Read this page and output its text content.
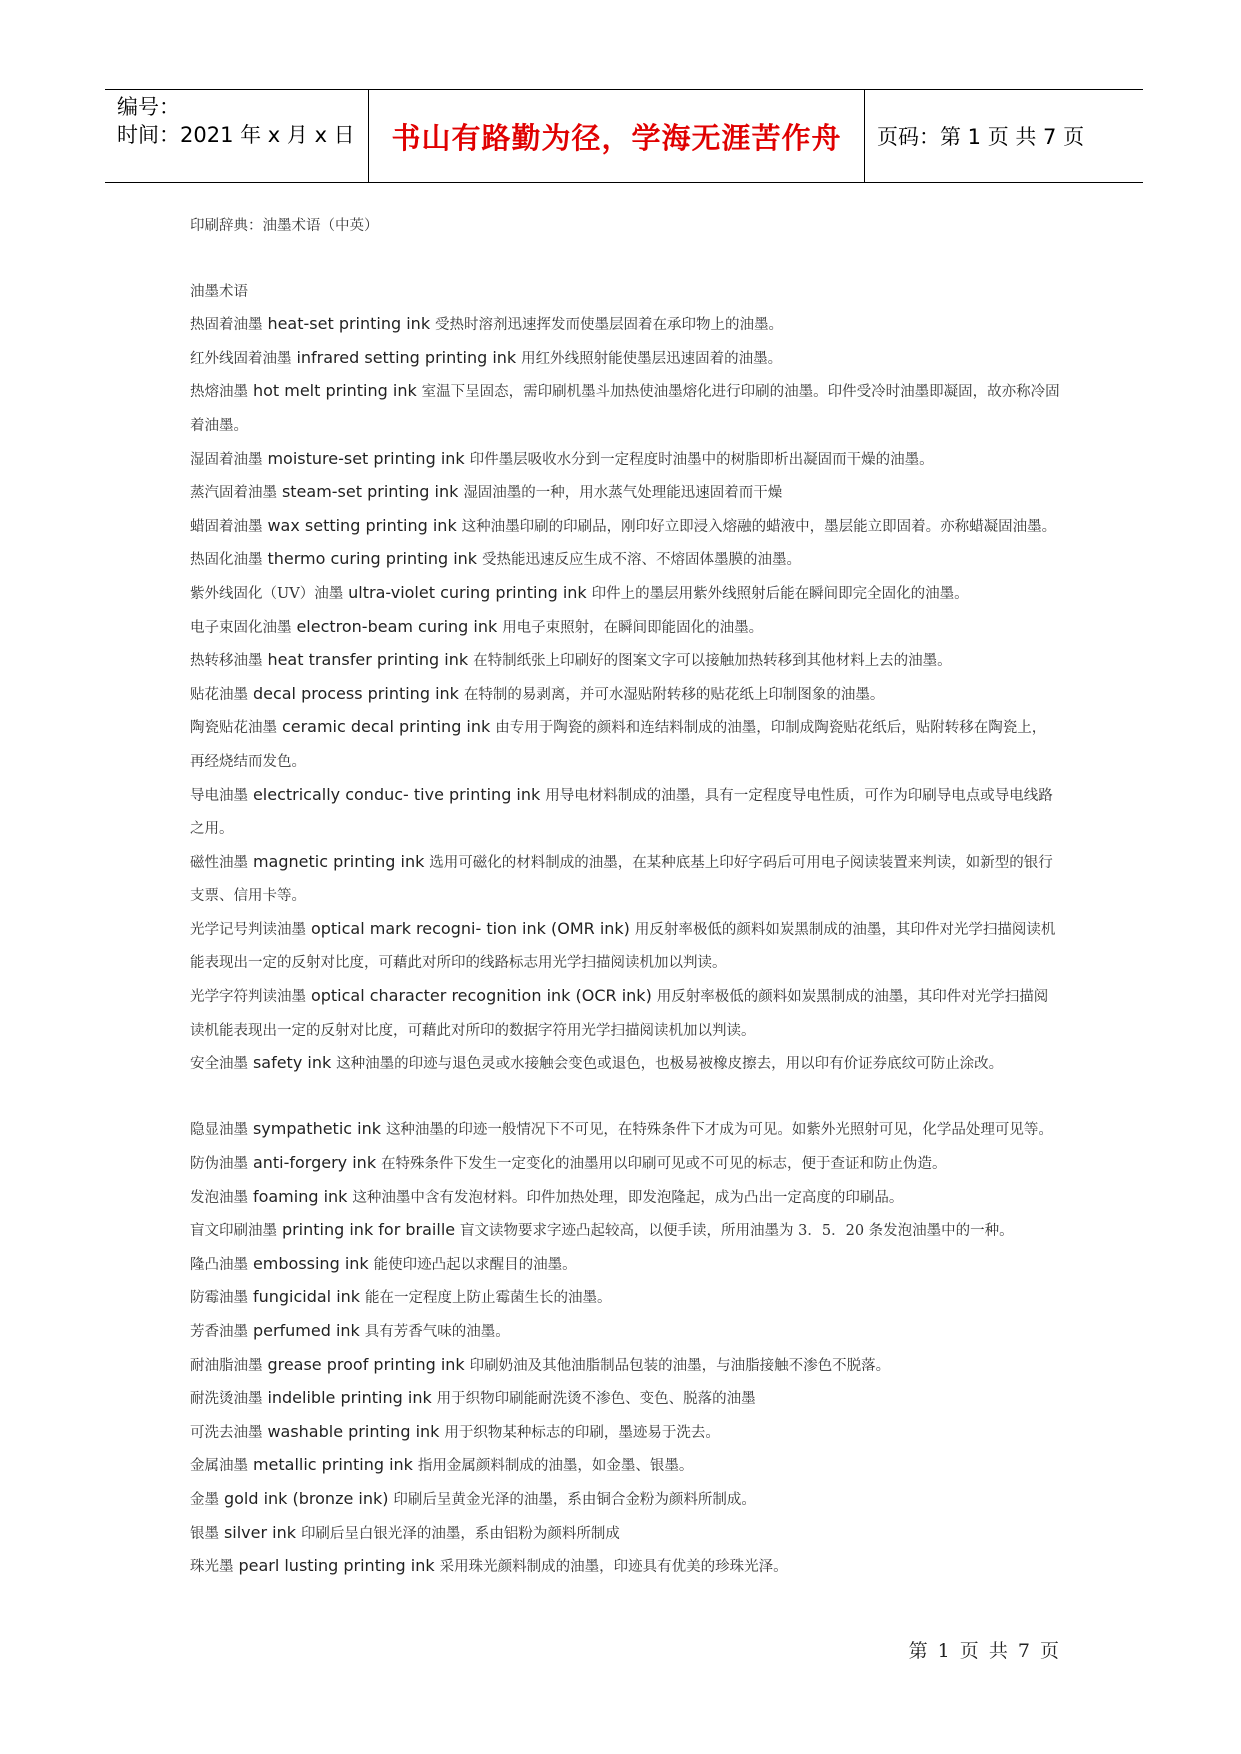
编号：
时间：2021 年 x 月 x 日	书山有路勤为径，学海无涯苦作舟	页码：第 1 页 共 7 页

印刷辞典：油墨术语（中英）

油墨术语

热固着油墨 heat-set printing ink 受热时溶剂迅速挥发而使墨层固着在承印物上的油墨。

红外线固着油墨 infrared setting printing ink 用红外线照射能使墨层迅速固着的油墨。

热熔油墨 hot melt printing ink 室温下呈固态，需印刷机墨斗加热使油墨熔化进行印刷的油墨。印件受冷时油墨即凝固，故亦称冷固着油墨。

湿固着油墨 moisture-set printing ink 印件墨层吸收水分到一定程度时油墨中的树脂即析出凝固而干燥的油墨。

蒸汽固着油墨 steam-set printing ink 湿固油墨的一种，用水蒸气处理能迅速固着而干燥

蜡固着油墨 wax setting printing ink 这种油墨印刷的印刷品，刚印好立即浸入熔融的蜡液中，墨层能立即固着。亦称蜡凝固油墨。

热固化油墨 thermo curing printing ink 受热能迅速反应生成不溶、不熔固体墨膜的油墨。

紫外线固化（UV）油墨 ultra-violet curing printing ink 印件上的墨层用紫外线照射后能在瞬间即完全固化的油墨。

电子束固化油墨 electron-beam curing ink 用电子束照射，在瞬间即能固化的油墨。

热转移油墨 heat transfer printing ink 在特制纸张上印刷好的图案文字可以接触加热转移到其他材料上去的油墨。

贴花油墨 decal process printing ink 在特制的易剥离，并可水湿贴附转移的贴花纸上印制图象的油墨。

陶瓷贴花油墨 ceramic decal printing ink 由专用于陶瓷的颜料和连结料制成的油墨，印制成陶瓷贴花纸后，贴附转移在陶瓷上，再经烧结而发色。

导电油墨 electrically conduc- tive printing ink 用导电材料制成的油墨，具有一定程度导电性质，可作为印刷导电点或导电线路之用。

磁性油墨 magnetic printing ink 选用可磁化的材料制成的油墨，在某种底基上印好字码后可用电子阅读装置来判读，如新型的银行支票、信用卡等。

光学记号判读油墨 optical mark recogni- tion ink (OMR ink) 用反射率极低的颜料如炭黑制成的油墨，其印件对光学扫描阅读机能表现出一定的反射对比度，可藉此对所印的线路标志用光学扫描阅读机加以判读。

光学字符判读油墨 optical character recognition ink (OCR ink) 用反射率极低的颜料如炭黑制成的油墨，其印件对光学扫描阅读机能表现出一定的反射对比度，可藉此对所印的数据字符用光学扫描阅读机加以判读。

安全油墨 safety ink 这种油墨的印迹与退色灵或水接触会变色或退色，也极易被橡皮擦去，用以印有价证券底纹可防止涂改。

隐显油墨 sympathetic ink 这种油墨的印迹一般情况下不可见，在特殊条件下才成为可见。如紫外光照射可见，化学品处理可见等。

防伪油墨 anti-forgery ink 在特殊条件下发生一定变化的油墨用以印刷可见或不可见的标志，便于查证和防止伪造。

发泡油墨 foaming ink 这种油墨中含有发泡材料。印件加热处理，即发泡隆起，成为凸出一定高度的印刷品。

盲文印刷油墨 printing ink for braille 盲文读物要求字迹凸起较高，以便手读，所用油墨为 3．5．20 条发泡油墨中的一种。

隆凸油墨 embossing ink 能使印迹凸起以求醒目的油墨。

防霉油墨 fungicidal ink 能在一定程度上防止霉菌生长的油墨。

芳香油墨 perfumed ink 具有芳香气味的油墨。

耐油脂油墨 grease proof printing ink 印刷奶油及其他油脂制品包装的油墨，与油脂接触不渗色不脱落。

耐洗烫油墨 indelible printing ink 用于织物印刷能耐洗烫不渗色、变色、脱落的油墨

可洗去油墨 washable printing ink 用于织物某种标志的印刷，墨迹易于洗去。

金属油墨 metallic printing ink 指用金属颜料制成的油墨，如金墨、银墨。

金墨 gold ink (bronze ink) 印刷后呈黄金光泽的油墨，系由铜合金粉为颜料所制成。

银墨 silver ink 印刷后呈白银光泽的油墨，系由铝粉为颜料所制成

珠光墨 pearl lusting printing ink 采用珠光颜料制成的油墨，印迹具有优美的珍珠光泽。

第 1 页 共 7 页
